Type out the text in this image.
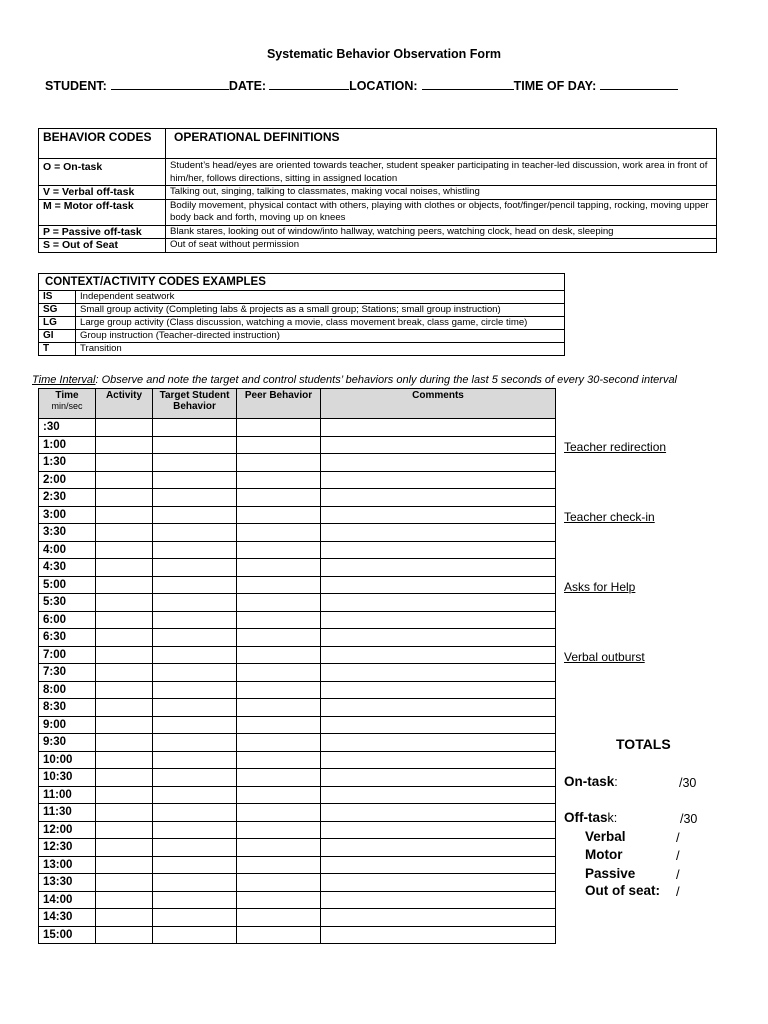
Systematic Behavior Observation Form
STUDENT:	DATE:	LOCATION:	TIME OF DAY:
BEHAVIOR CODES	OPERATIONAL DEFINITIONS
O = On-task	Student’s head/eyes are oriented towards teacher, student speaker participating in teacher-led discussion, work area in front of him/her, follows directions, sitting in assigned location
V = Verbal off-task	Talking out, singing, talking to classmates, making vocal noises, whistling
M = Motor off-task	Bodily movement, physical contact with others, playing with clothes or objects, foot/finger/pencil tapping, rocking, moving upper body back and forth, moving up on knees
P = Passive off-task	Blank stares, looking out of window/into hallway, watching peers, watching clock, head on desk, sleeping
S = Out of Seat	Out of seat without permission
CONTEXT/ACTIVITY CODES EXAMPLES	
IS	Independent seatwork
SG	Small group activity (Completing labs & projects as a small group; Stations; small group instruction)
LG	Large group activity (Class discussion, watching a movie, class movement break, class game, circle time)
GI	Group instruction (Teacher-directed instruction)
T	Transition
Time Interval: Observe and note the target and control students’ behaviors only during the last 5 seconds of every 30-second interval
Time
min/sec	Activity	Target Student Behavior	Peer Behavior	Comments
:30				
1:00				
1:30				
2:00				
2:30				
3:00				
3:30				
4:00				
4:30				
5:00				
5:30				
6:00				
6:30				
7:00				
7:30				
8:00				
8:30				
9:00				
9:30				
10:00				
10:30				
11:00				
11:30				
12:00				
12:30				
13:00				
13:30				
14:00				
14:30				
15:00				
Teacher redirection
Teacher check-in
Asks for Help
Verbal outburst
TOTALS
On-task:	/30
Off-task:	/30
Verbal	/
Motor	/
Passive	/
Out of seat: /
